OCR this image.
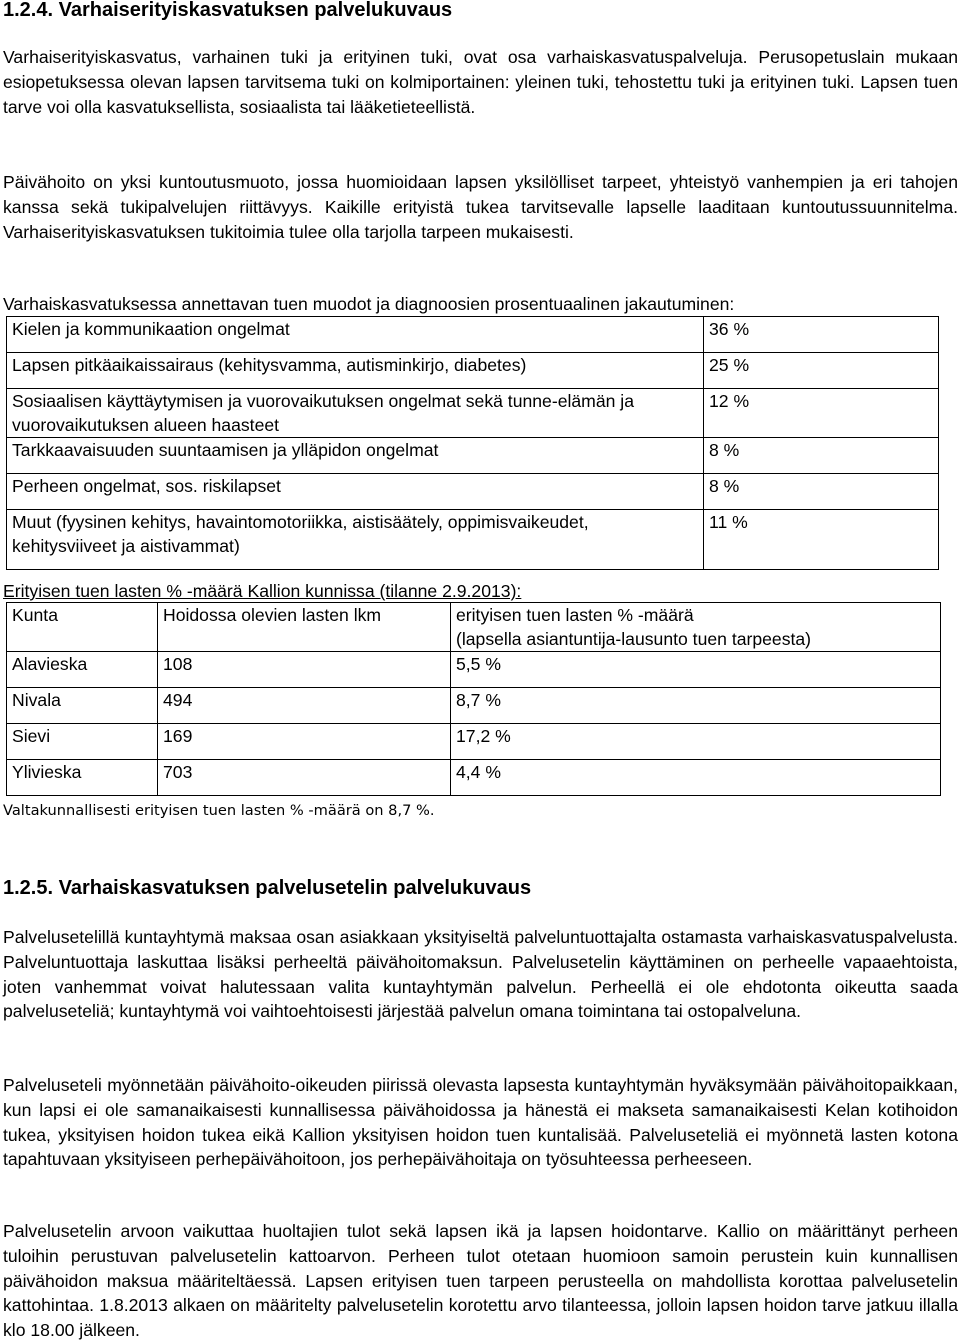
1.2.4. Varhaiserityiskasvatuksen palvelukuvaus

Varhaiserityiskasvatus, varhainen tuki ja erityinen tuki, ovat osa varhaiskasvatuspalveluja. Perusopetuslain mukaan esiopetuksessa olevan lapsen tarvitsema tuki on kolmiportainen: yleinen tuki, tehostettu tuki ja erityinen tuki. Lapsen tuen tarve voi olla kasvatuksellista, sosiaalista tai lääketieteellistä.

Päivähoito on yksi kuntoutusmuoto, jossa huomioidaan lapsen yksilölliset tarpeet, yhteistyö vanhempien ja eri tahojen kanssa sekä tukipalvelujen riittävyys. Kaikille erityistä tukea tarvitsevalle lapselle laaditaan kuntoutussuunnitelma. Varhaiserityiskasvatuksen tukitoimia tulee olla tarjolla tarpeen mukaisesti.

Varhaiskasvatuksessa annettavan tuen muodot ja diagnoosien prosentuaalinen jakautuminen:
Kielen ja kommunikaation ongelmat	36 %
Lapsen pitkäaikaissairaus (kehitysvamma, autisminkirjo, diabetes)	25 %
Sosiaalisen käyttäytymisen ja vuorovaikutuksen ongelmat sekä tunne-elämän ja vuorovaikutuksen alueen haasteet	12 %
Tarkkaavaisuuden suuntaamisen ja ylläpidon ongelmat	8 %
Perheen ongelmat, sos. riskilapset	8 %
Muut (fyysinen kehitys, havaintomotoriikka, aistisäätely, oppimisvaikeudet, kehitysviiveet ja aistivammat)	11 %
Erityisen tuen lasten % -määrä Kallion kunnissa (tilanne 2.9.2013):
Kunta	Hoidossa olevien lasten lkm	erityisen tuen lasten % -määrä
(lapsella asiantuntija-lausunto tuen tarpeesta)

Alavieska	108	5,5 %
Nivala	494	8,7 %
Sievi	169	17,2 %
Ylivieska	703	4,4 %
Valtakunnallisesti erityisen tuen lasten % -määrä on 8,7 %.
1.2.5. Varhaiskasvatuksen palvelusetelin palvelukuvaus

Palvelusetelillä kuntayhtymä maksaa osan asiakkaan yksityiseltä palveluntuottajalta ostamasta varhaiskasvatuspalvelusta. Palveluntuottaja laskuttaa lisäksi perheeltä päivähoitomaksun. Palvelusetelin käyttäminen on perheelle vapaaehtoista, joten vanhemmat voivat halutessaan valita kuntayhtymän palvelun. Perheellä ei ole ehdotonta oikeutta saada palveluseteliä; kuntayhtymä voi vaihtoehtoisesti järjestää palvelun omana toimintana tai ostopalveluna.

Palveluseteli myönnetään päivähoito-oikeuden piirissä olevasta lapsesta kuntayhtymän hyväksymään päivähoitopaikkaan, kun lapsi ei ole samanaikaisesti kunnallisessa päivähoidossa ja hänestä ei makseta samanaikaisesti Kelan kotihoidon tukea, yksityisen hoidon tukea eikä Kallion yksityisen hoidon tuen kuntalisää. Palveluseteliä ei myönnetä lasten kotona tapahtuvaan yksityiseen perhepäivähoitoon, jos perhepäivähoitaja on työsuhteessa perheeseen.

Palvelusetelin arvoon vaikuttaa huoltajien tulot sekä lapsen ikä ja lapsen hoidontarve. Kallio on määrittänyt perheen tuloihin perustuvan palvelusetelin kattoarvon. Perheen tulot otetaan huomioon samoin perustein kuin kunnallisen päivähoidon maksua määriteltäessä. Lapsen erityisen tuen tarpeen perusteella on mahdollista korottaa palvelusetelin kattohintaa. 1.8.2013 alkaen on määritelty palvelusetelin korotettu arvo tilanteessa, jolloin lapsen hoidon tarve jatkuu illalla klo 18.00 jälkeen.
